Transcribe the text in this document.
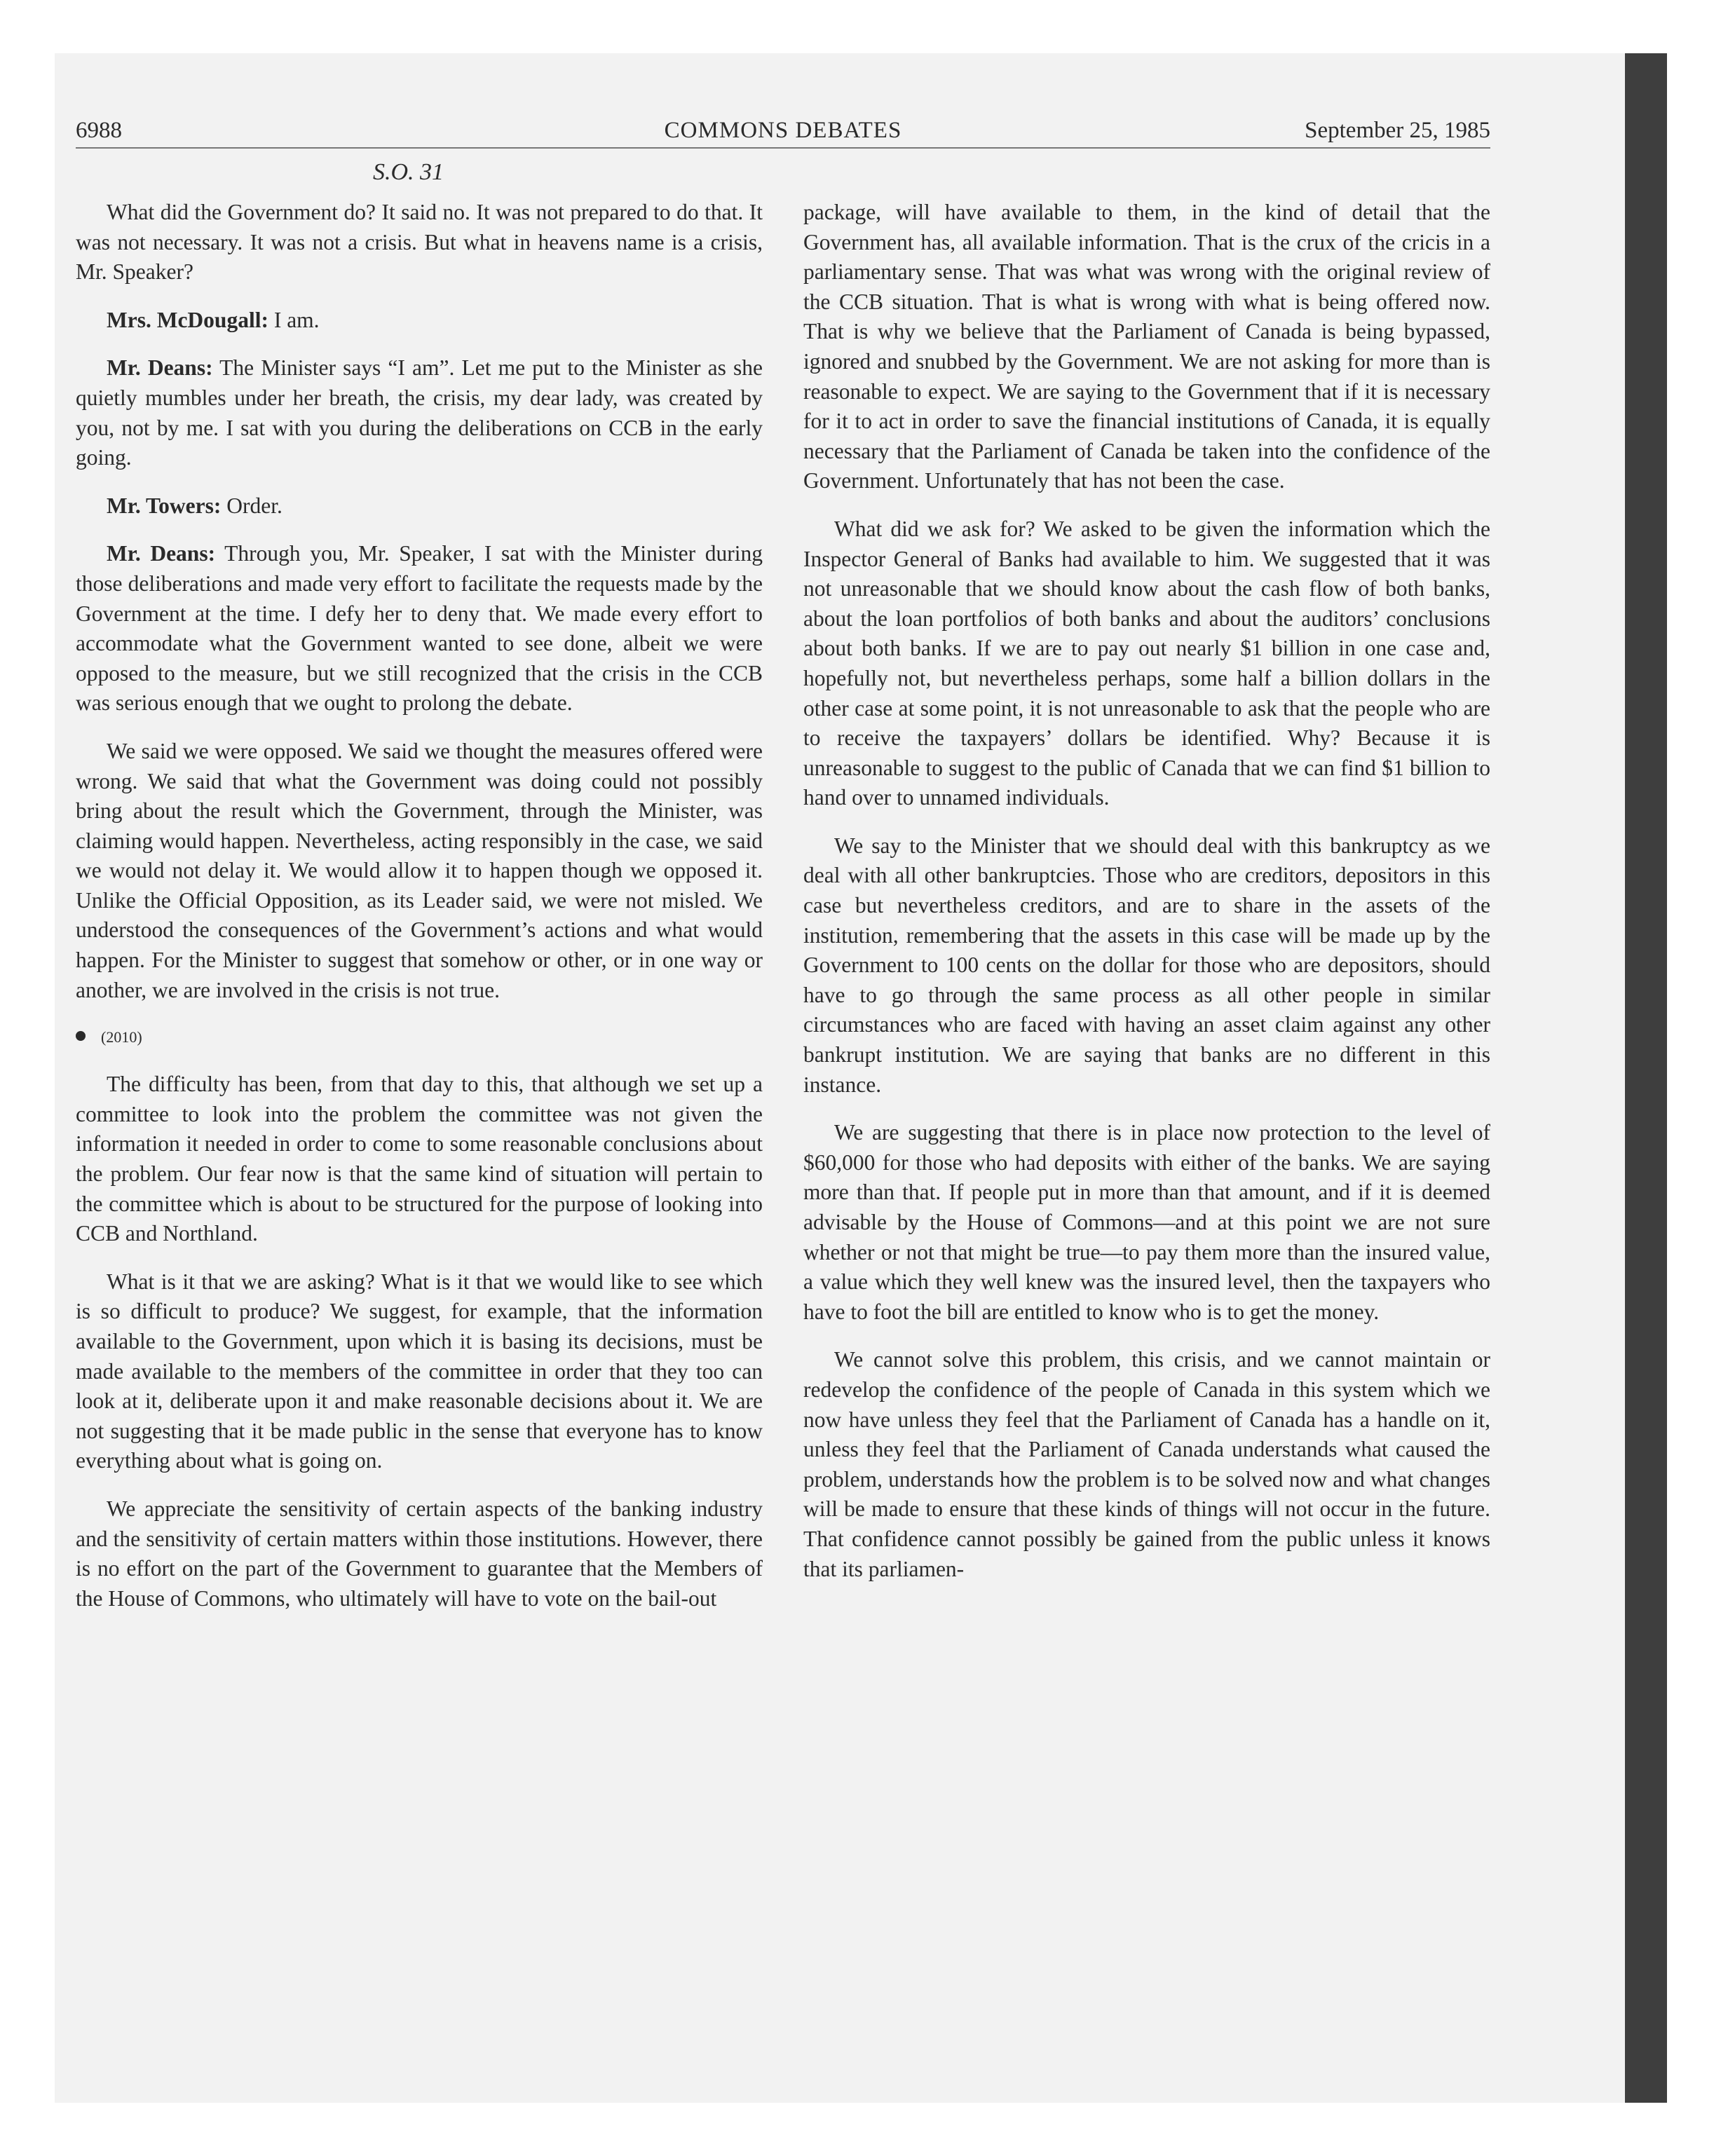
6988	COMMONS DEBATES	September 25, 1985
S.O. 31

What did the Government do? It said no. It was not prepared to do that. It was not necessary. It was not a crisis. But what in heavens name is a crisis, Mr. Speaker?

Mrs. McDougall: I am.

Mr. Deans: The Minister says “I am”. Let me put to the Minister as she quietly mumbles under her breath, the crisis, my dear lady, was created by you, not by me. I sat with you during the deliberations on CCB in the early going.

Mr. Towers: Order.

Mr. Deans: Through you, Mr. Speaker, I sat with the Minister during those deliberations and made very effort to facilitate the requests made by the Government at the time. I defy her to deny that. We made every effort to accommodate what the Government wanted to see done, albeit we were opposed to the measure, but we still recognized that the crisis in the CCB was serious enough that we ought to prolong the debate.

We said we were opposed. We said we thought the measures offered were wrong. We said that what the Government was doing could not possibly bring about the result which the Government, through the Minister, was claiming would happen. Nevertheless, acting responsibly in the case, we said we would not delay it. We would allow it to happen though we opposed it. Unlike the Official Opposition, as its Leader said, we were not misled. We understood the consequences of the Government’s actions and what would happen. For the Minister to suggest that somehow or other, or in one way or another, we are involved in the crisis is not true.

(2010)

The difficulty has been, from that day to this, that although we set up a committee to look into the problem the committee was not given the information it needed in order to come to some reasonable conclusions about the problem. Our fear now is that the same kind of situation will pertain to the committee which is about to be structured for the purpose of looking into CCB and Northland.

What is it that we are asking? What is it that we would like to see which is so difficult to produce? We suggest, for example, that the information available to the Government, upon which it is basing its decisions, must be made available to the members of the committee in order that they too can look at it, deliberate upon it and make reasonable decisions about it. We are not suggesting that it be made public in the sense that everyone has to know everything about what is going on.

We appreciate the sensitivity of certain aspects of the banking industry and the sensitivity of certain matters within those institutions. However, there is no effort on the part of the Government to guarantee that the Members of the House of Commons, who ultimately will have to vote on the bail-out

package, will have available to them, in the kind of detail that the Government has, all available information. That is the crux of the cricis in a parliamentary sense. That was what was wrong with the original review of the CCB situation. That is what is wrong with what is being offered now. That is why we believe that the Parliament of Canada is being bypassed, ignored and snubbed by the Government. We are not asking for more than is reasonable to expect. We are saying to the Government that if it is necessary for it to act in order to save the financial institutions of Canada, it is equally necessary that the Parliament of Canada be taken into the confidence of the Government. Unfortunately that has not been the case.

What did we ask for? We asked to be given the information which the Inspector General of Banks had available to him. We suggested that it was not unreasonable that we should know about the cash flow of both banks, about the loan portfolios of both banks and about the auditors’ conclusions about both banks. If we are to pay out nearly $1 billion in one case and, hopefully not, but nevertheless perhaps, some half a billion dollars in the other case at some point, it is not unreasonable to ask that the people who are to receive the taxpayers’ dollars be identified. Why? Because it is unreasonable to suggest to the public of Canada that we can find $1 billion to hand over to unnamed individuals.

We say to the Minister that we should deal with this bankruptcy as we deal with all other bankruptcies. Those who are creditors, depositors in this case but nevertheless creditors, and are to share in the assets of the institution, remembering that the assets in this case will be made up by the Government to 100 cents on the dollar for those who are depositors, should have to go through the same process as all other people in similar circumstances who are faced with having an asset claim against any other bankrupt institution. We are saying that banks are no different in this instance.

We are suggesting that there is in place now protection to the level of $60,000 for those who had deposits with either of the banks. We are saying more than that. If people put in more than that amount, and if it is deemed advisable by the House of Commons—and at this point we are not sure whether or not that might be true—to pay them more than the insured value, a value which they well knew was the insured level, then the taxpayers who have to foot the bill are entitled to know who is to get the money.

We cannot solve this problem, this crisis, and we cannot maintain or redevelop the confidence of the people of Canada in this system which we now have unless they feel that the Parliament of Canada has a handle on it, unless they feel that the Parliament of Canada understands what caused the problem, understands how the problem is to be solved now and what changes will be made to ensure that these kinds of things will not occur in the future. That confidence cannot possibly be gained from the public unless it knows that its parliamen-
